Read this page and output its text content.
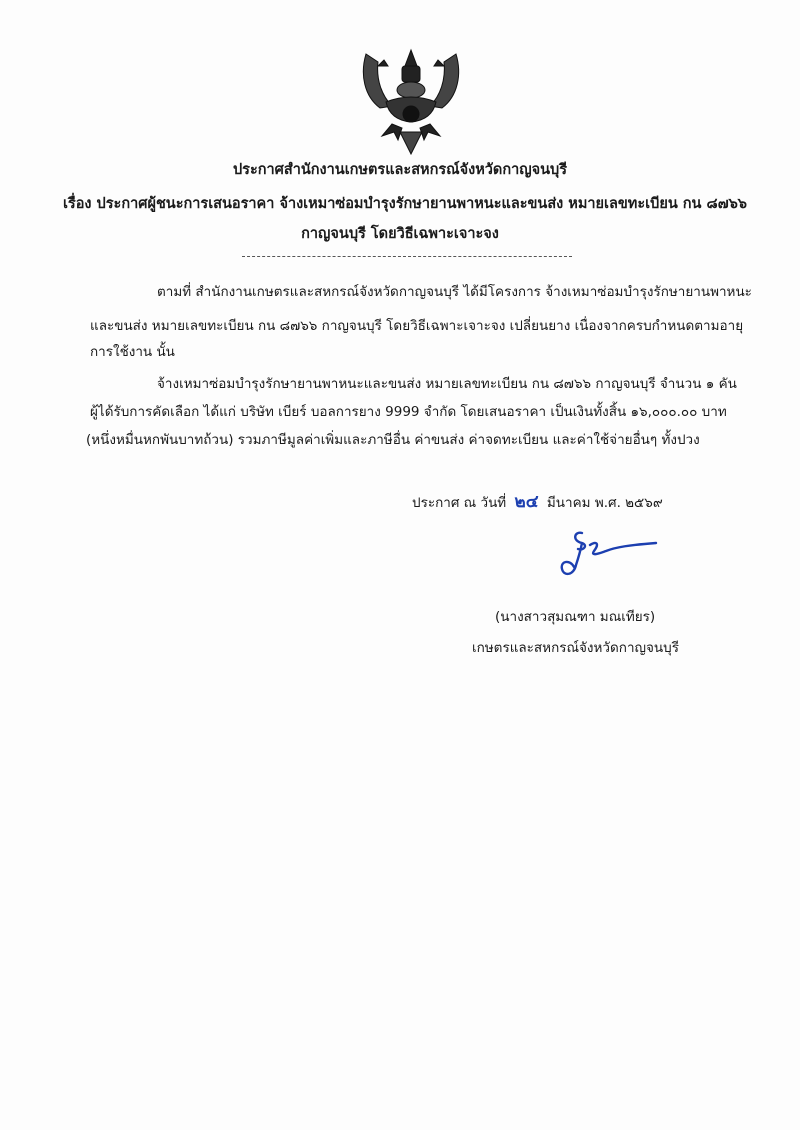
ประกาศสำนักงานเกษตรและสหกรณ์จังหวัดกาญจนบุรี
เรื่อง ประกาศผู้ชนะการเสนอราคา จ้างเหมาซ่อมบำรุงรักษายานพาหนะและขนส่ง หมายเลขทะเบียน กน ๘๗๖๖
กาญจนบุรี โดยวิธีเฉพาะเจาะจง
ตามที่ สำนักงานเกษตรและสหกรณ์จังหวัดกาญจนบุรี ได้มีโครงการ จ้างเหมาซ่อมบำรุงรักษายานพาหนะ
และขนส่ง หมายเลขทะเบียน กน ๘๗๖๖ กาญจนบุรี โดยวิธีเฉพาะเจาะจง เปลี่ยนยาง เนื่องจากครบกำหนดตามอายุ
การใช้งาน นั้น
จ้างเหมาซ่อมบำรุงรักษายานพาหนะและขนส่ง หมายเลขทะเบียน กน ๘๗๖๖ กาญจนบุรี จำนวน ๑ คัน
ผู้ได้รับการคัดเลือก ได้แก่ บริษัท เบียร์ บอลการยาง 9999 จำกัด โดยเสนอราคา เป็นเงินทั้งสิ้น ๑๖,๐๐๐.๐๐ บาท
(หนึ่งหมื่นหกพันบาทถ้วน) รวมภาษีมูลค่าเพิ่มและภาษีอื่น ค่าขนส่ง ค่าจดทะเบียน และค่าใช้จ่ายอื่นๆ ทั้งปวง
ประกาศ ณ วันที่ ๒๔ มีนาคม พ.ศ. ๒๕๖๙
(นางสาวสุมณฑา มณเทียร)
เกษตรและสหกรณ์จังหวัดกาญจนบุรี
